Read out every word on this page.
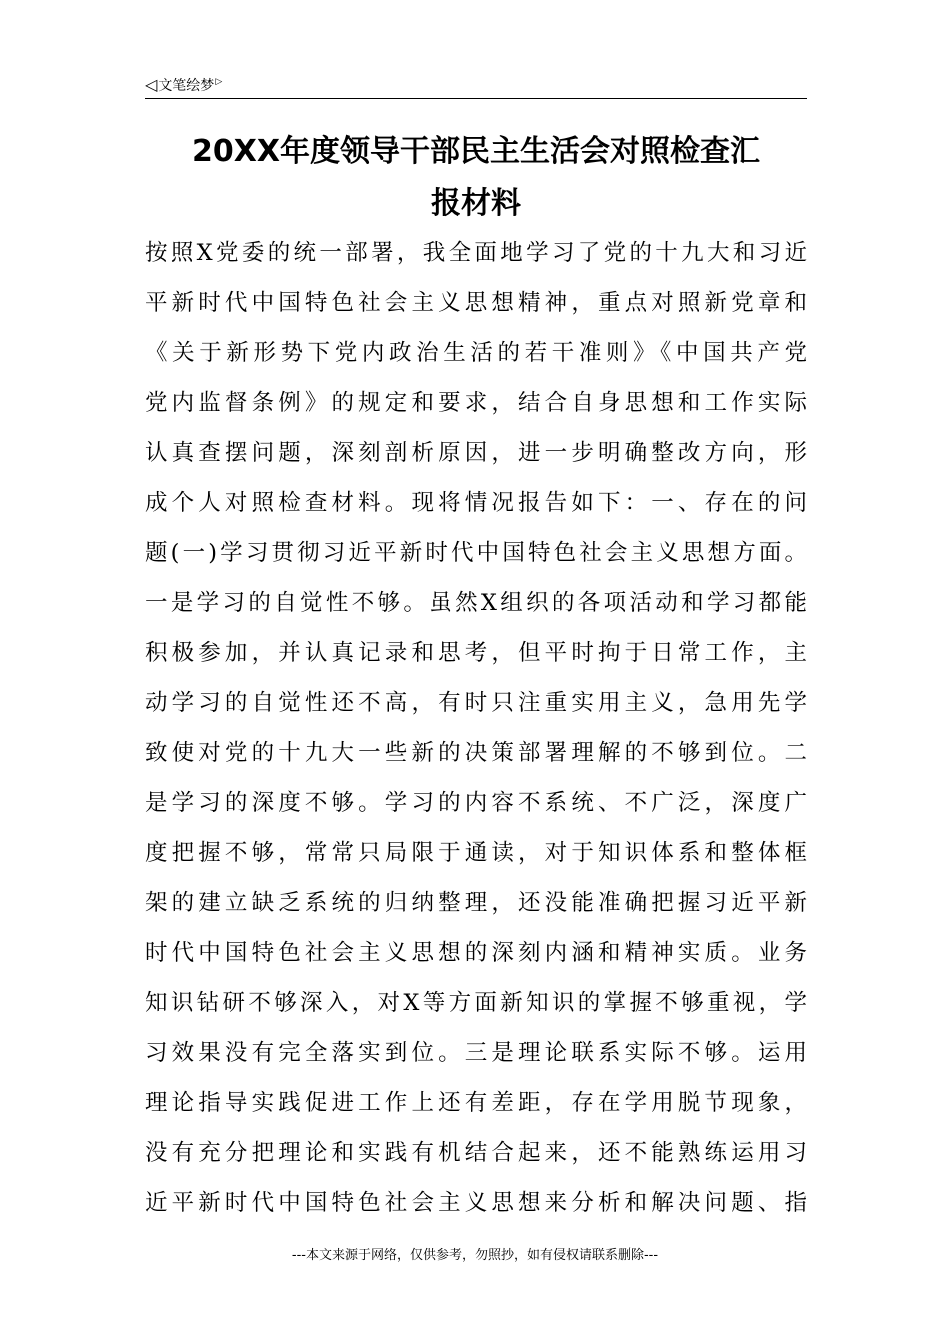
◁ 文笔绘梦 ▷
20XX年度领导干部民主生活会对照检查汇
报材料
按照X党委的统一部署，我全面地学习了党的十九大和习近
平新时代中国特色社会主义思想精神，重点对照新党章和
《关于新形势下党内政治生活的若干准则》《中国共产党
党内监督条例》的规定和要求，结合自身思想和工作实际
认真查摆问题，深刻剖析原因，进一步明确整改方向，形
成个人对照检查材料。现将情况报告如下：一、存在的问
题(一)学习贯彻习近平新时代中国特色社会主义思想方面。
一是学习的自觉性不够。虽然X组织的各项活动和学习都能
积极参加，并认真记录和思考，但平时拘于日常工作，主
动学习的自觉性还不高，有时只注重实用主义，急用先学
致使对党的十九大一些新的决策部署理解的不够到位。二
是学习的深度不够。学习的内容不系统、不广泛，深度广
度把握不够，常常只局限于通读，对于知识体系和整体框
架的建立缺乏系统的归纳整理，还没能准确把握习近平新
时代中国特色社会主义思想的深刻内涵和精神实质。业务
知识钻研不够深入，对X等方面新知识的掌握不够重视，学
习效果没有完全落实到位。三是理论联系实际不够。运用
理论指导实践促进工作上还有差距，存在学用脱节现象，
没有充分把理论和实践有机结合起来，还不能熟练运用习
近平新时代中国特色社会主义思想来分析和解决问题、指
---本文来源于网络，仅供参考，勿照抄，如有侵权请联系删除---
